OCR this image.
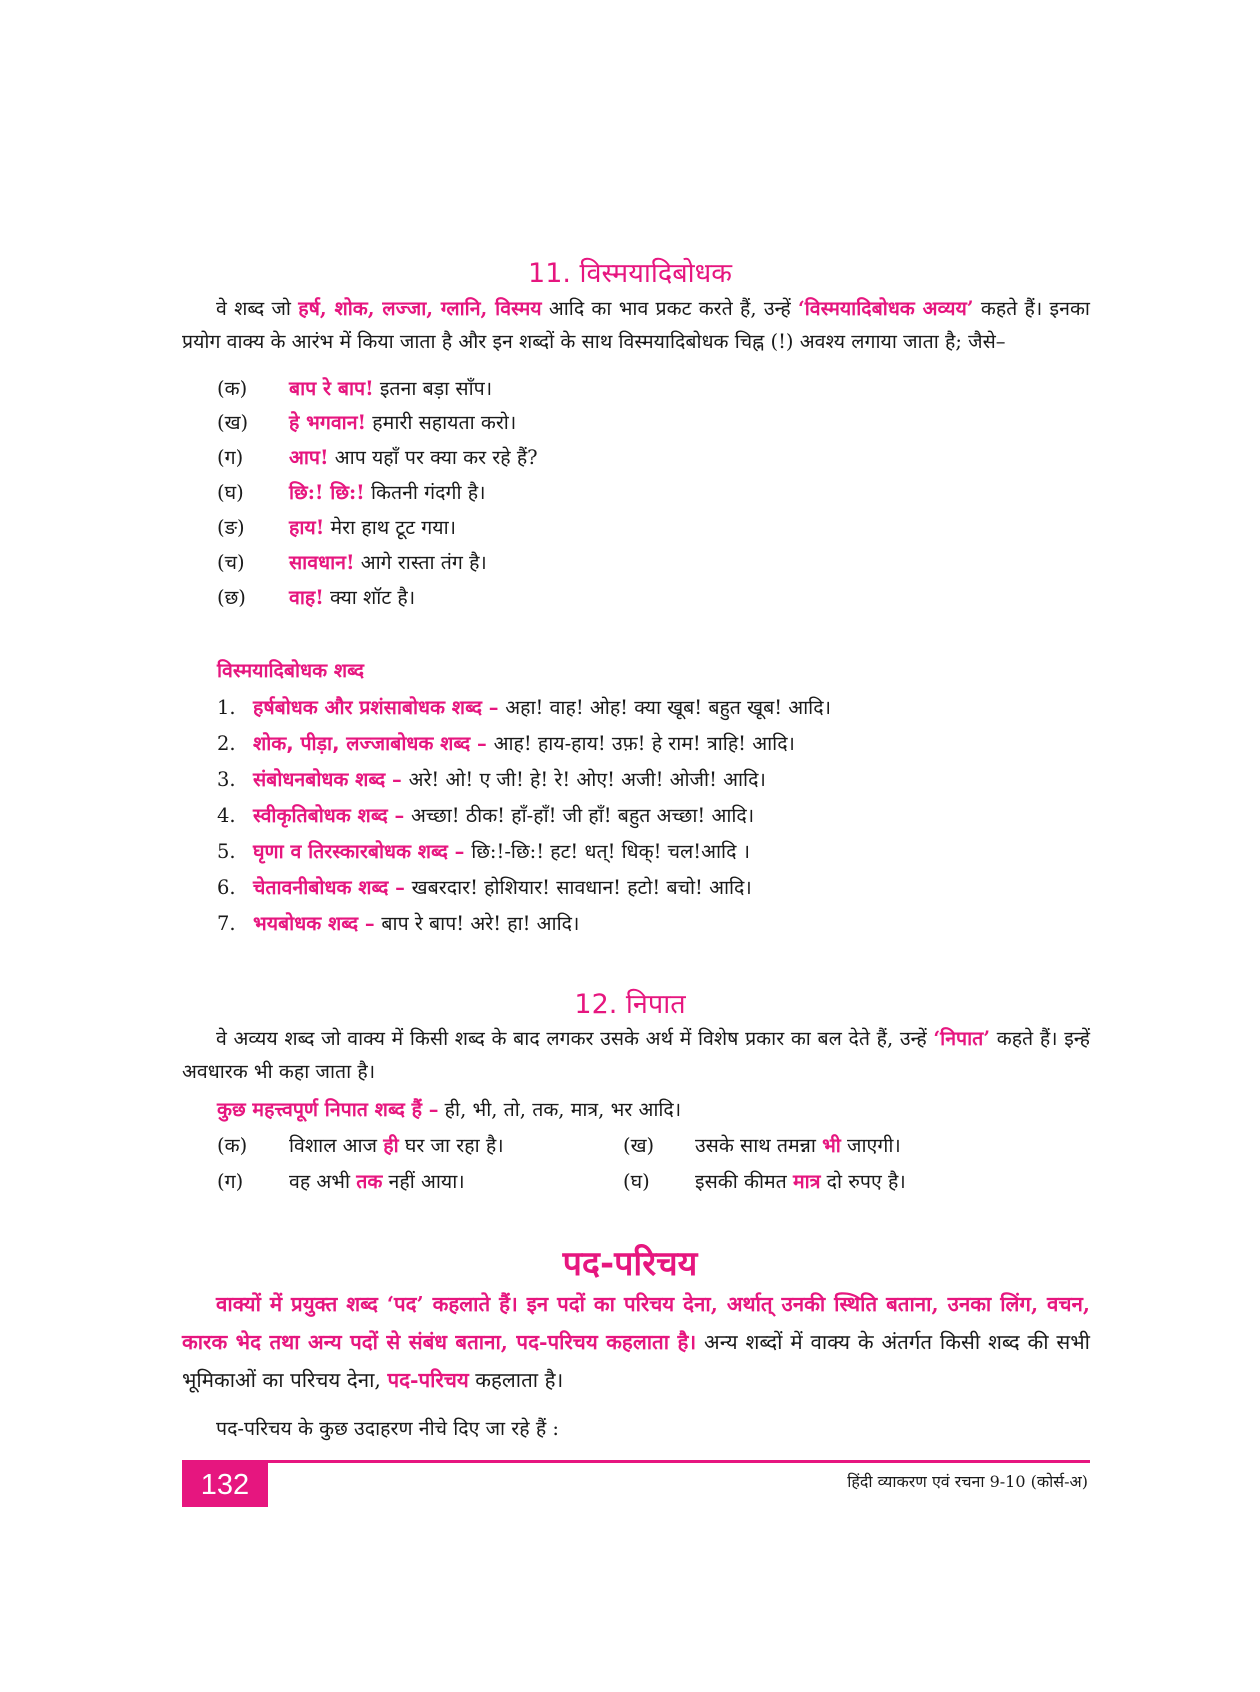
11. विस्मयादिबोधक

वे शब्द जो हर्ष, शोक, लज्जा, ग्लानि, विस्मय आदि का भाव प्रकट करते हैं, उन्हें ‘विस्मयादिबोधक अव्यय’ कहते हैं। इनका प्रयोग वाक्य के आरंभ में किया जाता है और इन शब्दों के साथ विस्मयादिबोधक चिह्न (!) अवश्य लगाया जाता है; जैसे–

(क) बाप रे बाप! इतना बड़ा साँप।
(ख) हे भगवान! हमारी सहायता करो।
(ग) आप! आप यहाँ पर क्या कर रहे हैं?
(घ) छि:! छि:! कितनी गंदगी है।
(ङ) हाय! मेरा हाथ टूट गया।
(च) सावधान! आगे रास्ता तंग है।
(छ) वाह! क्या शॉट है।
विस्मयादिबोधक शब्द
1. हर्षबोधक और प्रशंसाबोधक शब्द – अहा! वाह! ओह! क्या खूब! बहुत खूब! आदि।
2. शोक, पीड़ा, लज्जाबोधक शब्द – आह! हाय-हाय! उफ़! हे राम! त्राहि! आदि।
3. संबोधनबोधक शब्द – अरे! ओ! ए जी! हे! रे! ओए! अजी! ओजी! आदि।
4. स्वीकृतिबोधक शब्द – अच्छा! ठीक! हाँ-हाँ! जी हाँ! बहुत अच्छा! आदि।
5. घृणा व तिरस्कारबोधक शब्द – छि:!-छि:! हट! धत्! धिक्! चल!आदि ।
6. चेतावनीबोधक शब्द – खबरदार! होशियार! सावधान! हटो! बचो! आदि।
7. भयबोधक शब्द – बाप रे बाप! अरे! हा! आदि।
12. निपात

वे अव्यय शब्द जो वाक्य में किसी शब्द के बाद लगकर उसके अर्थ में विशेष प्रकार का बल देते हैं, उन्हें ‘निपात’ कहते हैं। इन्हें अवधारक भी कहा जाता है।

कुछ महत्त्वपूर्ण निपात शब्द हैं – ही, भी, तो, तक, मात्र, भर आदि।
(क) विशाल आज ही घर जा रहा है।	(ख) उसके साथ तमन्ना भी जाएगी।
(ग) वह अभी तक नहीं आया।	(घ) इसकी कीमत मात्र दो रुपए है।
पद-परिचय

वाक्यों में प्रयुक्त शब्द ‘पद’ कहलाते हैं। इन पदों का परिचय देना, अर्थात् उनकी स्थिति बताना, उनका लिंग, वचन, कारक भेद तथा अन्य पदों से संबंध बताना, पद-परिचय कहलाता है। अन्य शब्दों में वाक्य के अंतर्गत किसी शब्द की सभी भूमिकाओं का परिचय देना, पद-परिचय कहलाता है।

पद-परिचय के कुछ उदाहरण नीचे दिए जा रहे हैं :

132	हिंदी व्याकरण एवं रचना 9-10 (कोर्स-अ)
